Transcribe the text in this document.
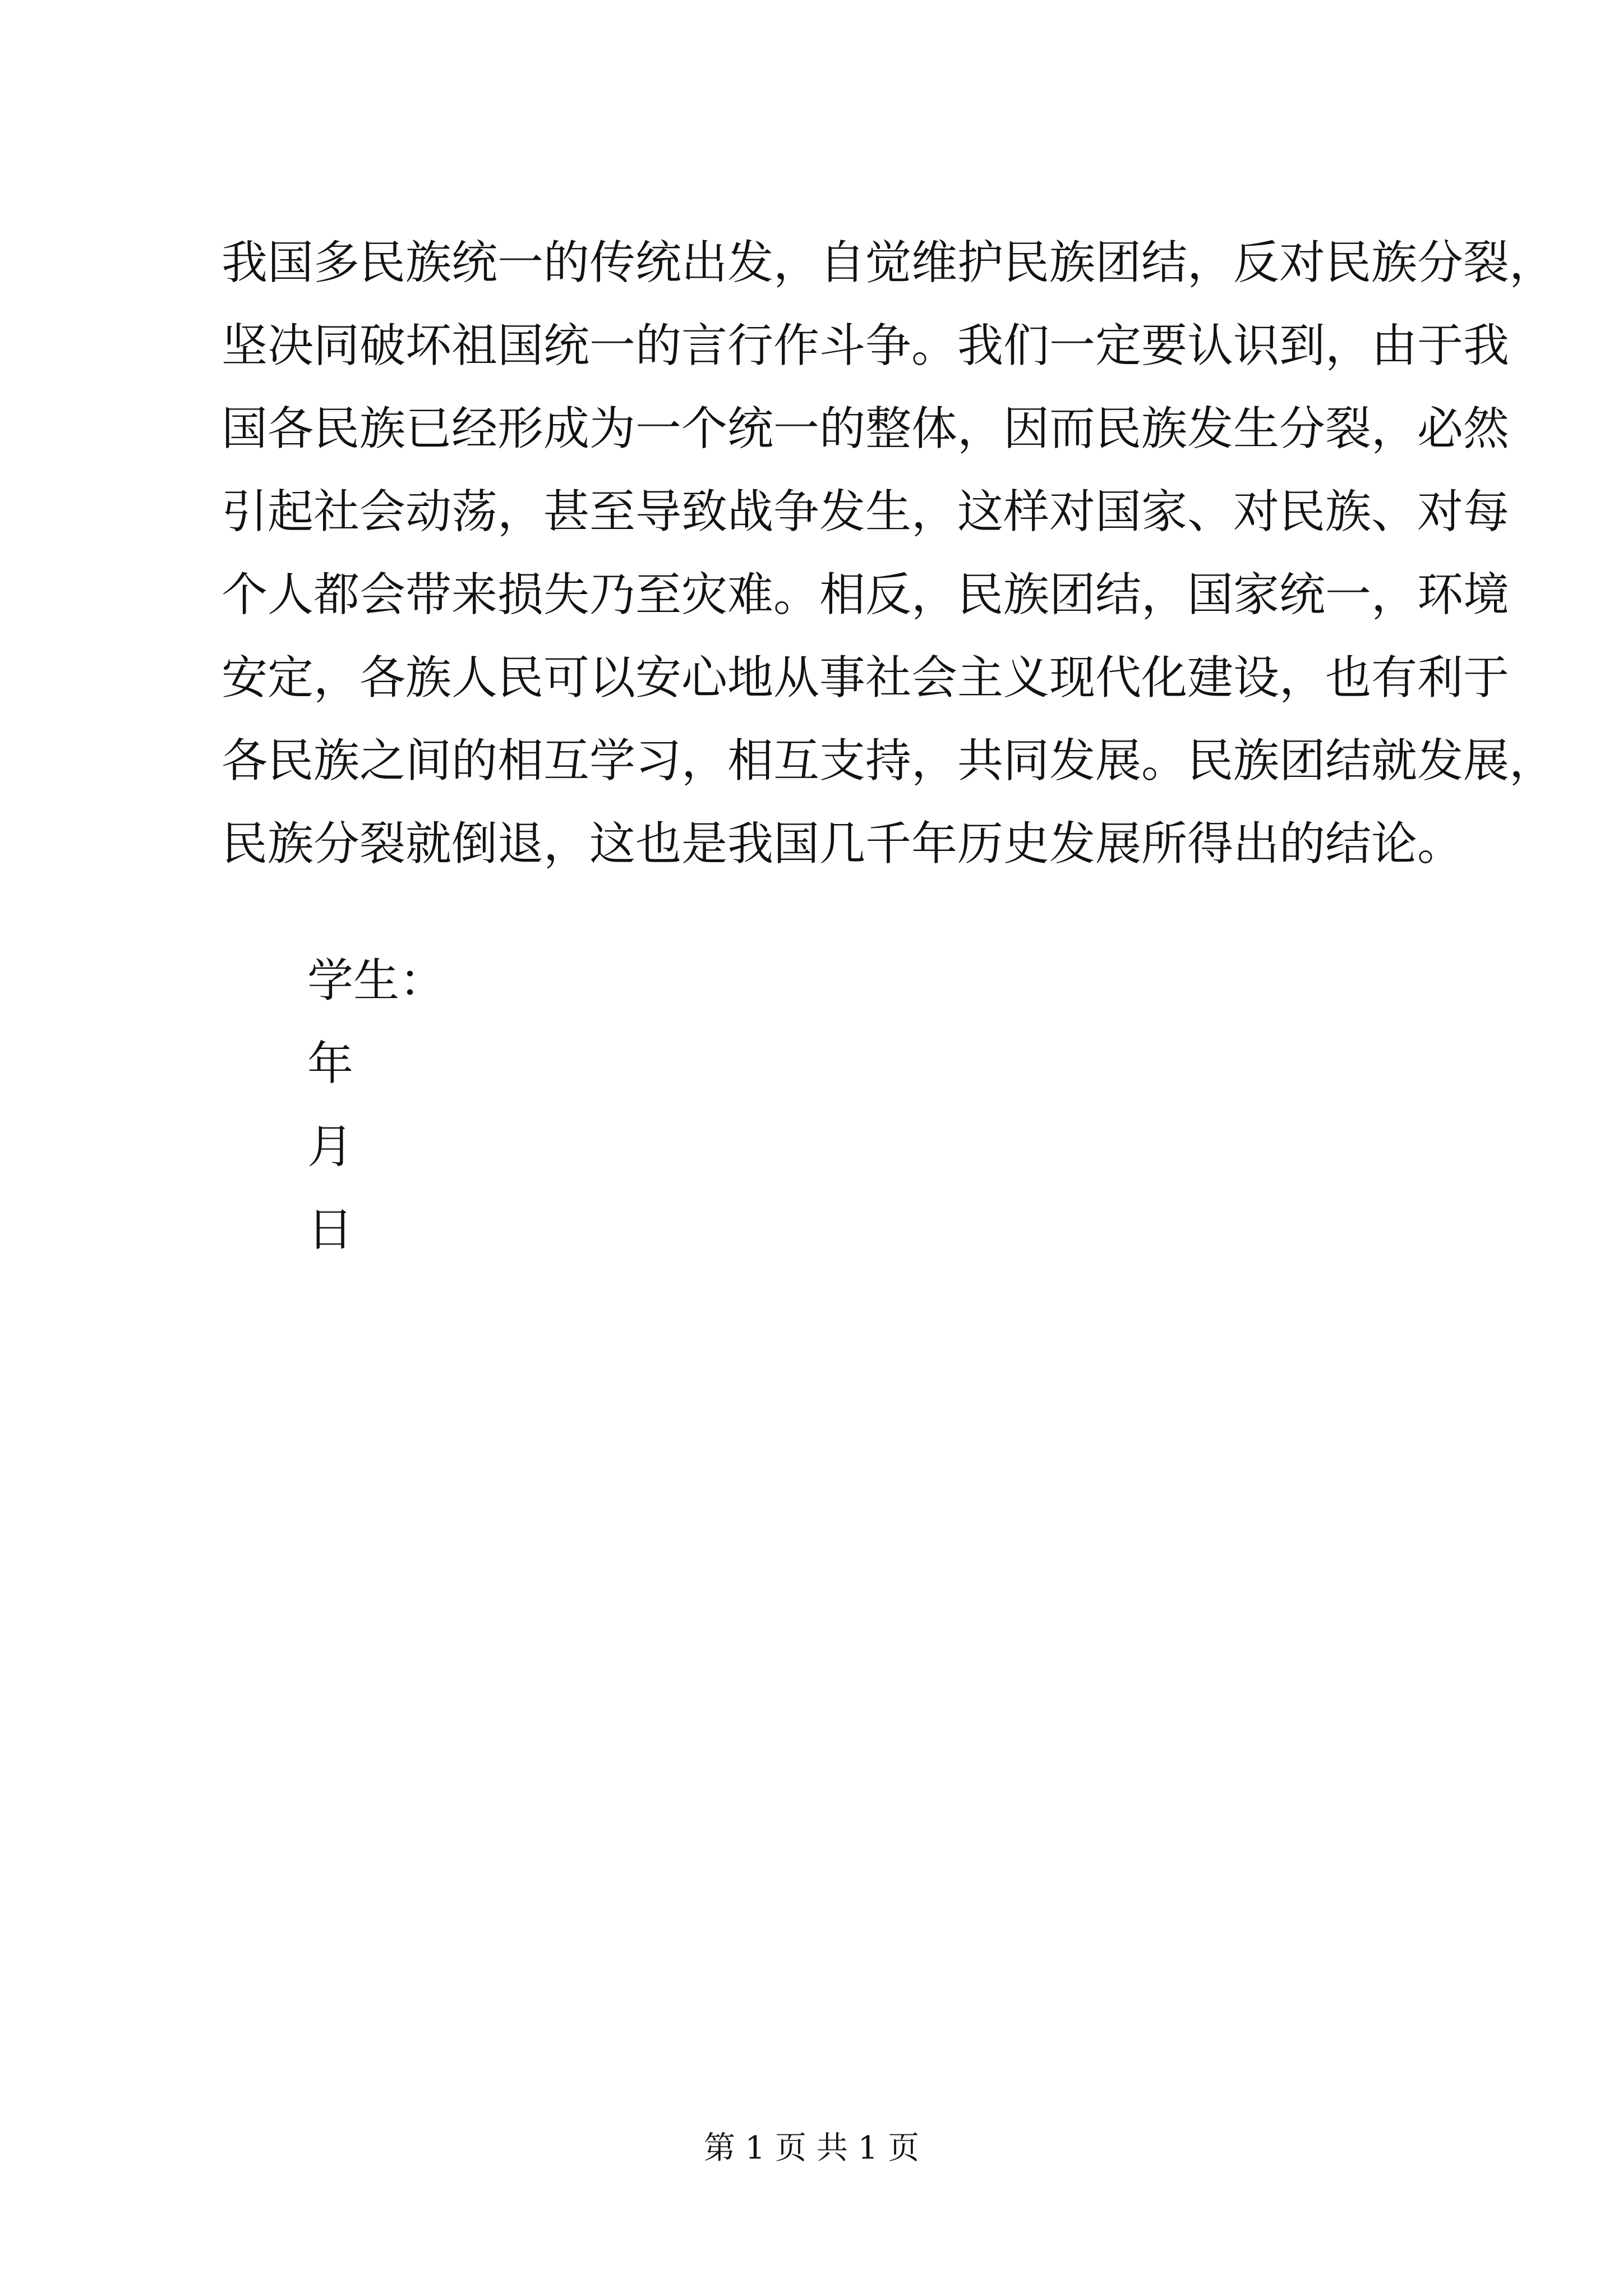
我国多民族统一的传统出发，自觉维护民族团结，反对民族分裂，
坚决同破坏祖国统一的言行作斗争。我们一定要认识到，由于我
国各民族已经形成为一个统一的整体，因而民族发生分裂，必然
引起社会动荡，甚至导致战争发生，这样对国家、对民族、对每
个人都会带来损失乃至灾难。相反，民族团结，国家统一，环境
安定，各族人民可以安心地从事社会主义现代化建设，也有利于
各民族之间的相互学习，相互支持，共同发展。民族团结就发展，
民族分裂就倒退，这也是我国几千年历史发展所得出的结论。
学生：
年
月
日
第 1 页 共 1 页
